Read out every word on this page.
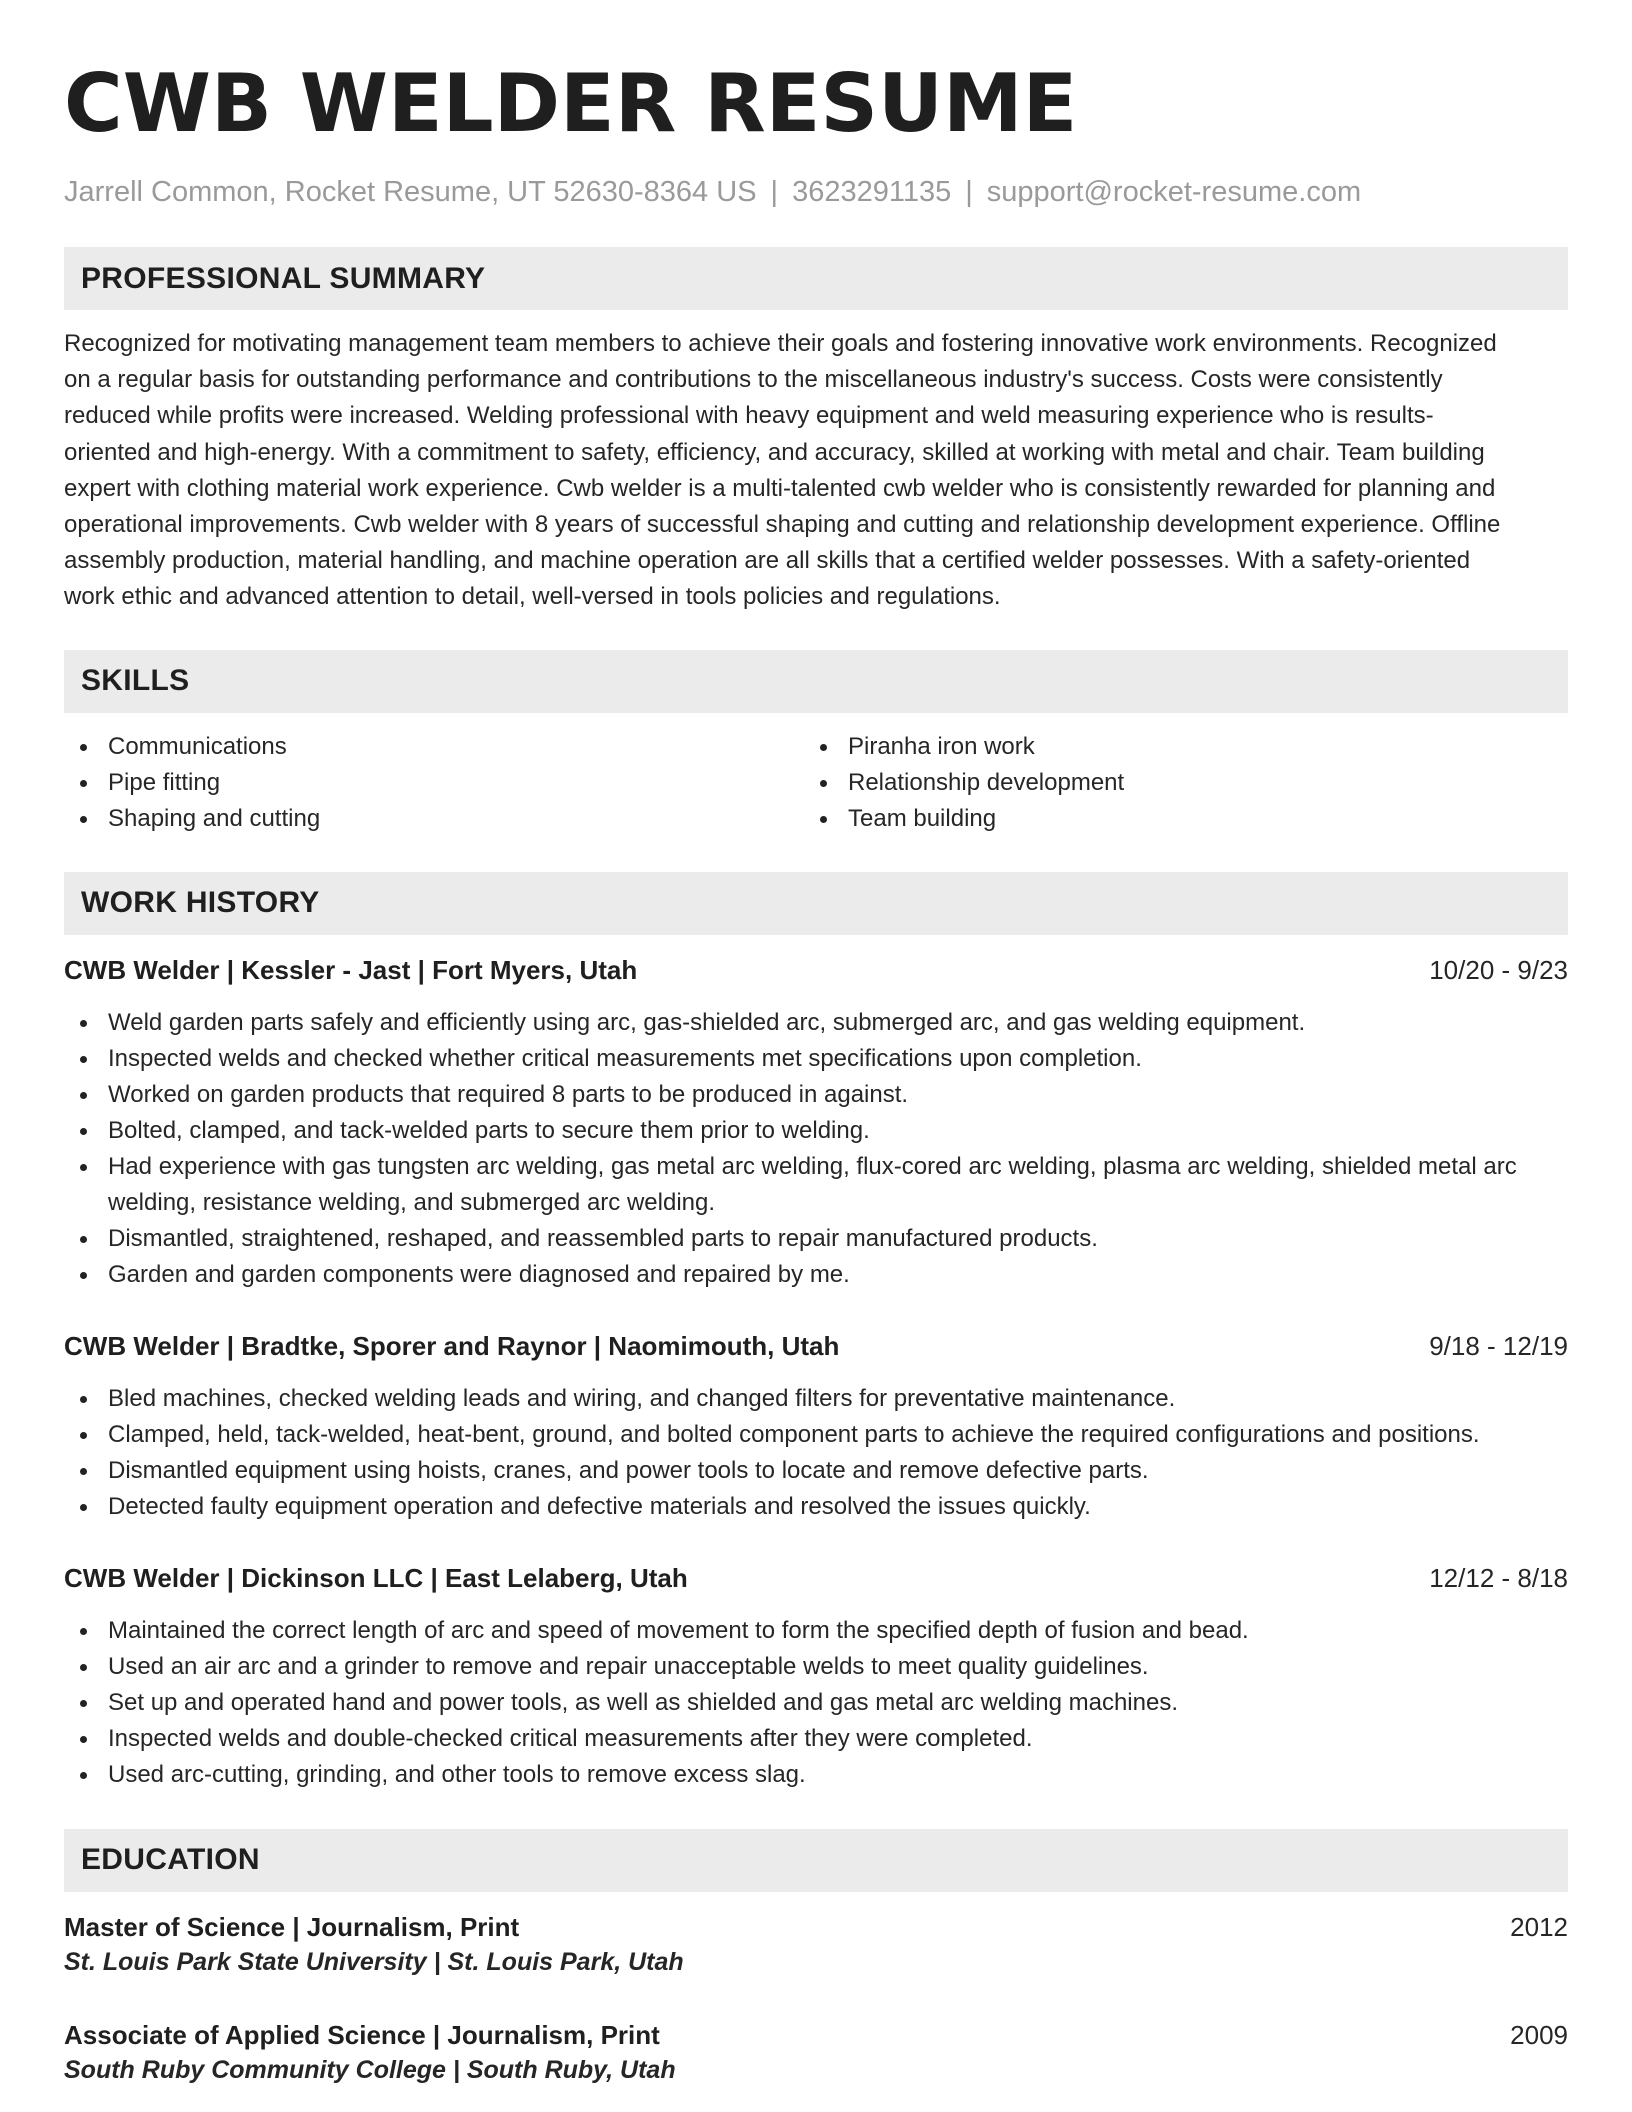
CWB WELDER RESUME
Jarrell Common, Rocket Resume, UT 52630-8364 US | 3623291135 | support@rocket-resume.com
PROFESSIONAL SUMMARY
Recognized for motivating management team members to achieve their goals and fostering innovative work environments. Recognized
on a regular basis for outstanding performance and contributions to the miscellaneous industry's success. Costs were consistently
reduced while profits were increased. Welding professional with heavy equipment and weld measuring experience who is results-
oriented and high-energy. With a commitment to safety, efficiency, and accuracy, skilled at working with metal and chair. Team building
expert with clothing material work experience. Cwb welder is a multi-talented cwb welder who is consistently rewarded for planning and
operational improvements. Cwb welder with 8 years of successful shaping and cutting and relationship development experience. Offline
assembly production, material handling, and machine operation are all skills that a certified welder possesses. With a safety-oriented
work ethic and advanced attention to detail, well-versed in tools policies and regulations.
SKILLS
Communications
Pipe fitting
Shaping and cutting
Piranha iron work
Relationship development
Team building
WORK HISTORY
CWB Welder | Kessler - Jast | Fort Myers, Utah	10/20 - 9/23
Weld garden parts safely and efficiently using arc, gas-shielded arc, submerged arc, and gas welding equipment.
Inspected welds and checked whether critical measurements met specifications upon completion.
Worked on garden products that required 8 parts to be produced in against.
Bolted, clamped, and tack-welded parts to secure them prior to welding.
Had experience with gas tungsten arc welding, gas metal arc welding, flux-cored arc welding, plasma arc welding, shielded metal arc welding, resistance welding, and submerged arc welding.
Dismantled, straightened, reshaped, and reassembled parts to repair manufactured products.
Garden and garden components were diagnosed and repaired by me.
CWB Welder | Bradtke, Sporer and Raynor | Naomimouth, Utah	9/18 - 12/19
Bled machines, checked welding leads and wiring, and changed filters for preventative maintenance.
Clamped, held, tack-welded, heat-bent, ground, and bolted component parts to achieve the required configurations and positions.
Dismantled equipment using hoists, cranes, and power tools to locate and remove defective parts.
Detected faulty equipment operation and defective materials and resolved the issues quickly.
CWB Welder | Dickinson LLC | East Lelaberg, Utah	12/12 - 8/18
Maintained the correct length of arc and speed of movement to form the specified depth of fusion and bead.
Used an air arc and a grinder to remove and repair unacceptable welds to meet quality guidelines.
Set up and operated hand and power tools, as well as shielded and gas metal arc welding machines.
Inspected welds and double-checked critical measurements after they were completed.
Used arc-cutting, grinding, and other tools to remove excess slag.
EDUCATION
Master of Science | Journalism, Print	2012
St. Louis Park State University | St. Louis Park, Utah
Associate of Applied Science | Journalism, Print	2009
South Ruby Community College | South Ruby, Utah
